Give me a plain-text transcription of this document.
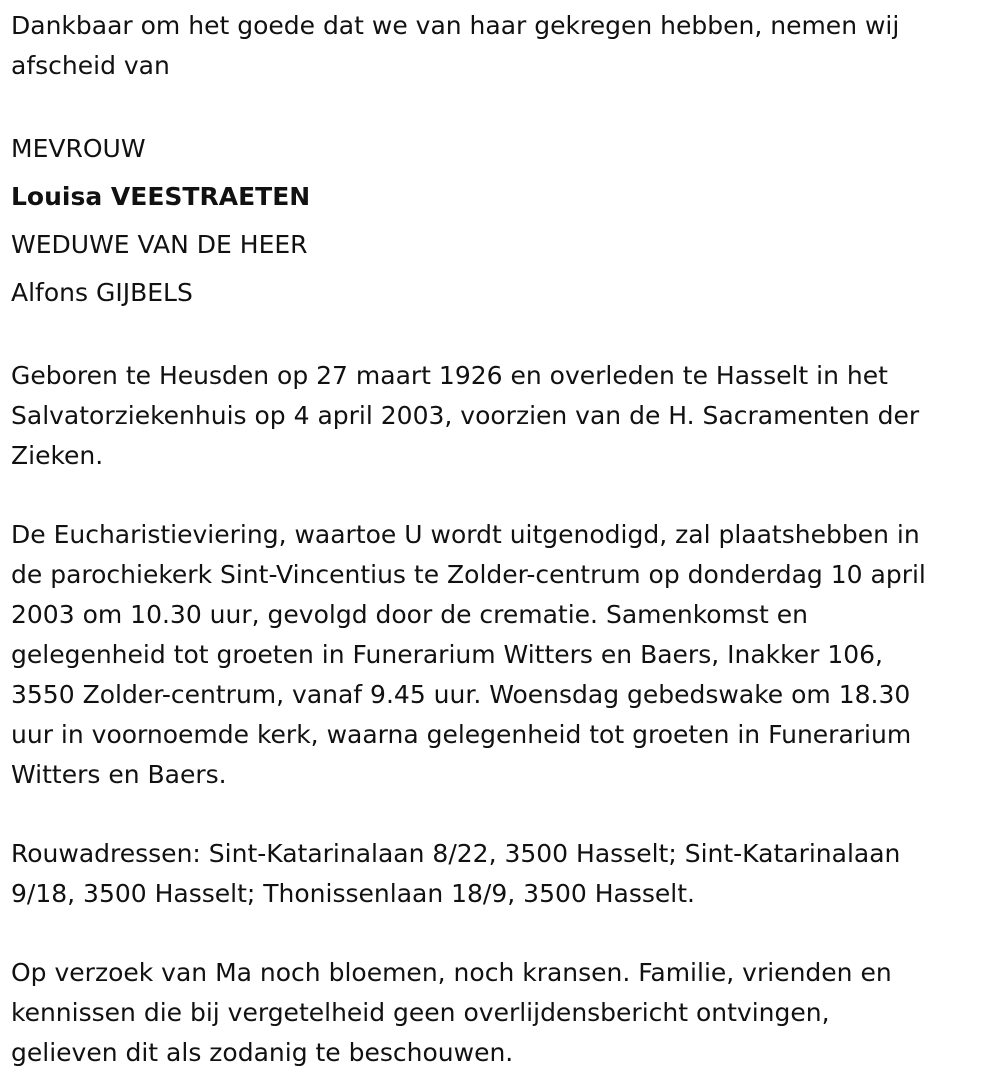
Dankbaar om het goede dat we van haar gekregen hebben, nemen wij
afscheid van
MEVROUW
Louisa VEESTRAETEN
WEDUWE VAN DE HEER
Alfons GIJBELS
Geboren te Heusden op 27 maart 1926 en overleden te Hasselt in het
Salvatorziekenhuis op 4 april 2003, voorzien van de H. Sacramenten der
Zieken.
De Eucharistieviering, waartoe U wordt uitgenodigd, zal plaatshebben in
de parochiekerk Sint-Vincentius te Zolder-centrum op donderdag 10 april
2003 om 10.30 uur, gevolgd door de crematie. Samenkomst en
gelegenheid tot groeten in Funerarium Witters en Baers, Inakker 106,
3550 Zolder-centrum, vanaf 9.45 uur. Woensdag gebedswake om 18.30
uur in voornoemde kerk, waarna gelegenheid tot groeten in Funerarium
Witters en Baers.
Rouwadressen: Sint-Katarinalaan 8/22, 3500 Hasselt; Sint-Katarinalaan
9/18, 3500 Hasselt; Thonissenlaan 18/9, 3500 Hasselt.
Op verzoek van Ma noch bloemen, noch kransen. Familie, vrienden en
kennissen die bij vergetelheid geen overlijdensbericht ontvingen,
gelieven dit als zodanig te beschouwen.
